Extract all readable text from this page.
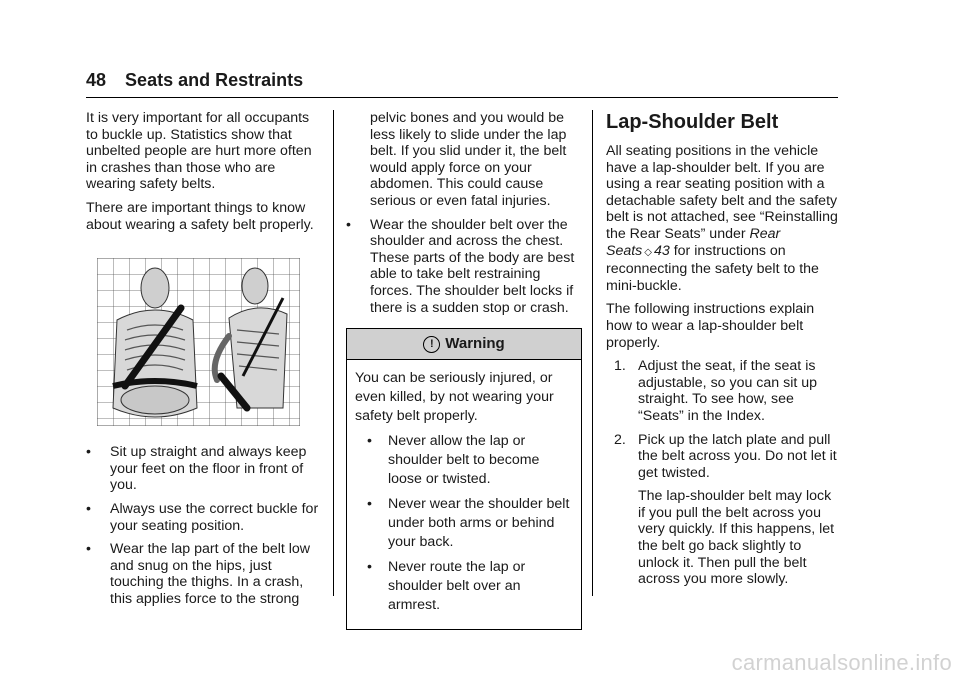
48 Seats and Restraints

It is very important for all occupants to buckle up. Statistics show that unbelted people are hurt more often in crashes than those who are wearing safety belts.

There are important things to know about wearing a safety belt properly.

• Sit up straight and always keep your feet on the floor in front of you.
• Always use the correct buckle for your seating position.
• Wear the lap part of the belt low and snug on the hips, just touching the thighs. In a crash, this applies force to the strong
pelvic bones and you would be less likely to slide under the lap belt. If you slid under it, the belt would apply force on your abdomen. This could cause serious or even fatal injuries.
• Wear the shoulder belt over the shoulder and across the chest. These parts of the body are best able to take belt restraining forces. The shoulder belt locks if there is a sudden stop or crash.
! Warning

You can be seriously injured, or even killed, by not wearing your safety belt properly.

• Never allow the lap or shoulder belt to become loose or twisted.
• Never wear the shoulder belt under both arms or behind your back.
• Never route the lap or shoulder belt over an armrest.
Lap-Shoulder Belt

All seating positions in the vehicle have a lap-shoulder belt. If you are using a rear seating position with a detachable safety belt and the safety belt is not attached, see “Reinstalling the Rear Seats” under Rear Seats ◇ 43 for instructions on reconnecting the safety belt to the mini-buckle.

The following instructions explain how to wear a lap-shoulder belt properly.

1. Adjust the seat, if the seat is adjustable, so you can sit up straight. To see how, see “Seats” in the Index.
2. Pick up the latch plate and pull the belt across you. Do not let it get twisted.
The lap-shoulder belt may lock if you pull the belt across you very quickly. If this happens, let the belt go back slightly to unlock it. Then pull the belt across you more slowly.
carmanualsonline.info
